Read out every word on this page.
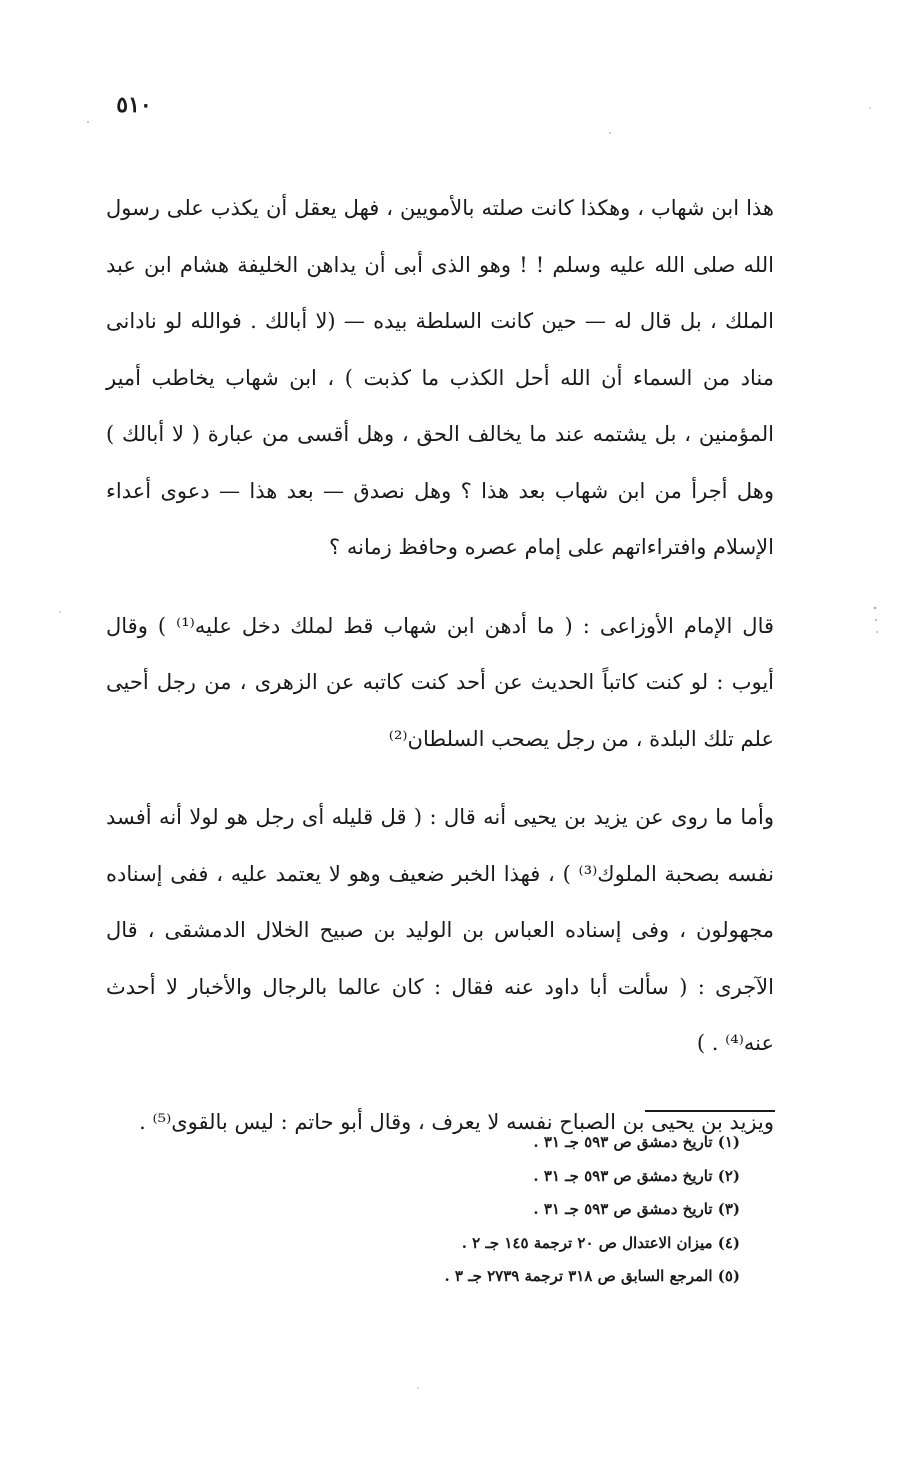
٥١٠

هذا ابن شهاب ، وهكذا كانت صلته بالأمويين ، فهل يعقل أن يكذب على رسول الله صلى الله عليه وسلم ! ! وهو الذى أبى أن يداهن الخليفة هشام ابن عبد الملك ، بل قال له — حين كانت السلطة بيده — (لا أبالك . فوالله لو نادانى مناد من السماء أن الله أحل الكذب ما كذبت ) ، ابن شهاب يخاطب أمير المؤمنين ، بل يشتمه عند ما يخالف الحق ، وهل أقسى من عبارة ( لا أبالك ) وهل أجرأ من ابن شهاب بعد هذا ؟ وهل نصدق — بعد هذا — دعوى أعداء الإسلام وافتراءاتهم على إمام عصره وحافظ زمانه ؟

قال الإمام الأوزاعى : ( ما أدهن ابن شهاب قط لملك دخل عليه⁽¹⁾ ) وقال أيوب : لو كنت كاتباً الحديث عن أحد كنت كاتبه عن الزهرى ، من رجل أحيى علم تلك البلدة ، من رجل يصحب السلطان⁽²⁾

وأما ما روى عن يزيد بن يحيى أنه قال : ( قل قليله أى رجل هو لولا أنه أفسد نفسه بصحبة الملوك⁽³⁾ ) ، فهذا الخبر ضعيف وهو لا يعتمد عليه ، ففى إسناده مجهولون ، وفى إسناده العباس بن الوليد بن صبيح الخلال الدمشقى ، قال الآجرى : ( سألت أبا داود عنه فقال : كان عالما بالرجال والأخبار لا أحدث عنه⁽⁴⁾ . )

ويزيد بن يحيى بن الصباح نفسه لا يعرف ، وقال أبو حاتم : ليس بالقوى⁽⁵⁾ .

(١) تاريخ دمشق ص ٥٩٣ جـ ٣١ .
(٢) تاريخ دمشق ص ٥٩٣ جـ ٣١ .
(٣) تاريخ دمشق ص ٥٩٣ جـ ٣١ .
(٤) ميزان الاعتدال ص ٢٠ ترجمة ١٤٥ جـ ٢ .
(٥) المرجع السابق ص ٣١٨ ترجمة ٢٧٣٩ جـ ٣ .
